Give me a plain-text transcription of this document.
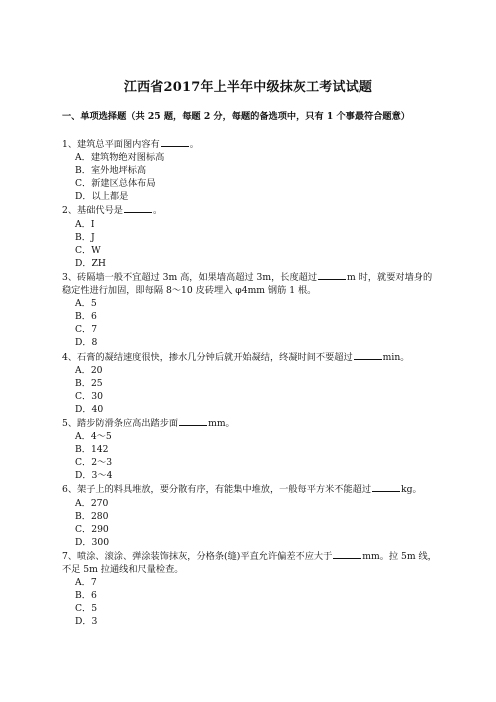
江西省2017年上半年中级抹灰工考试试题
一、单项选择题（共 25 题，每题 2 分，每题的备选项中，只有 1 个事最符合题意）

1、建筑总平面图内容有	。

A．建筑物绝对图标高

B．室外地坪标高

C．新建区总体布局

D．以上都是

2、基础代号是	。

A．I

B．J

C．W

D．ZH

3、砖隔墙一般不宜超过 3m 高，如果墙高超过 3m，长度超过	m 时，就要对墙身的稳定性进行加固，即每隔 8～10 皮砖埋入 φ4mm 钢筋 1 根。

A．5

B．6

C．7

D．8

4、石膏的凝结速度很快，掺水几分钟后就开始凝结，终凝时间不要超过	min。

A．20

B．25

C．30

D．40

5、踏步防滑条应高出踏步面	mm。

A．4～5

B．142

C．2～3

D．3～4

6、架子上的料具堆放，要分散有序，有能集中堆放，一般每平方米不能超过	kg。

A．270

B．280

C．290

D．300

7、喷涂、滚涂、弹涂装饰抹灰，分格条(缝)平直允许偏差不应大于	mm。拉 5m 线，不足 5m 拉通线和尺量检查。

A．7

B．6

C．5

D．3
